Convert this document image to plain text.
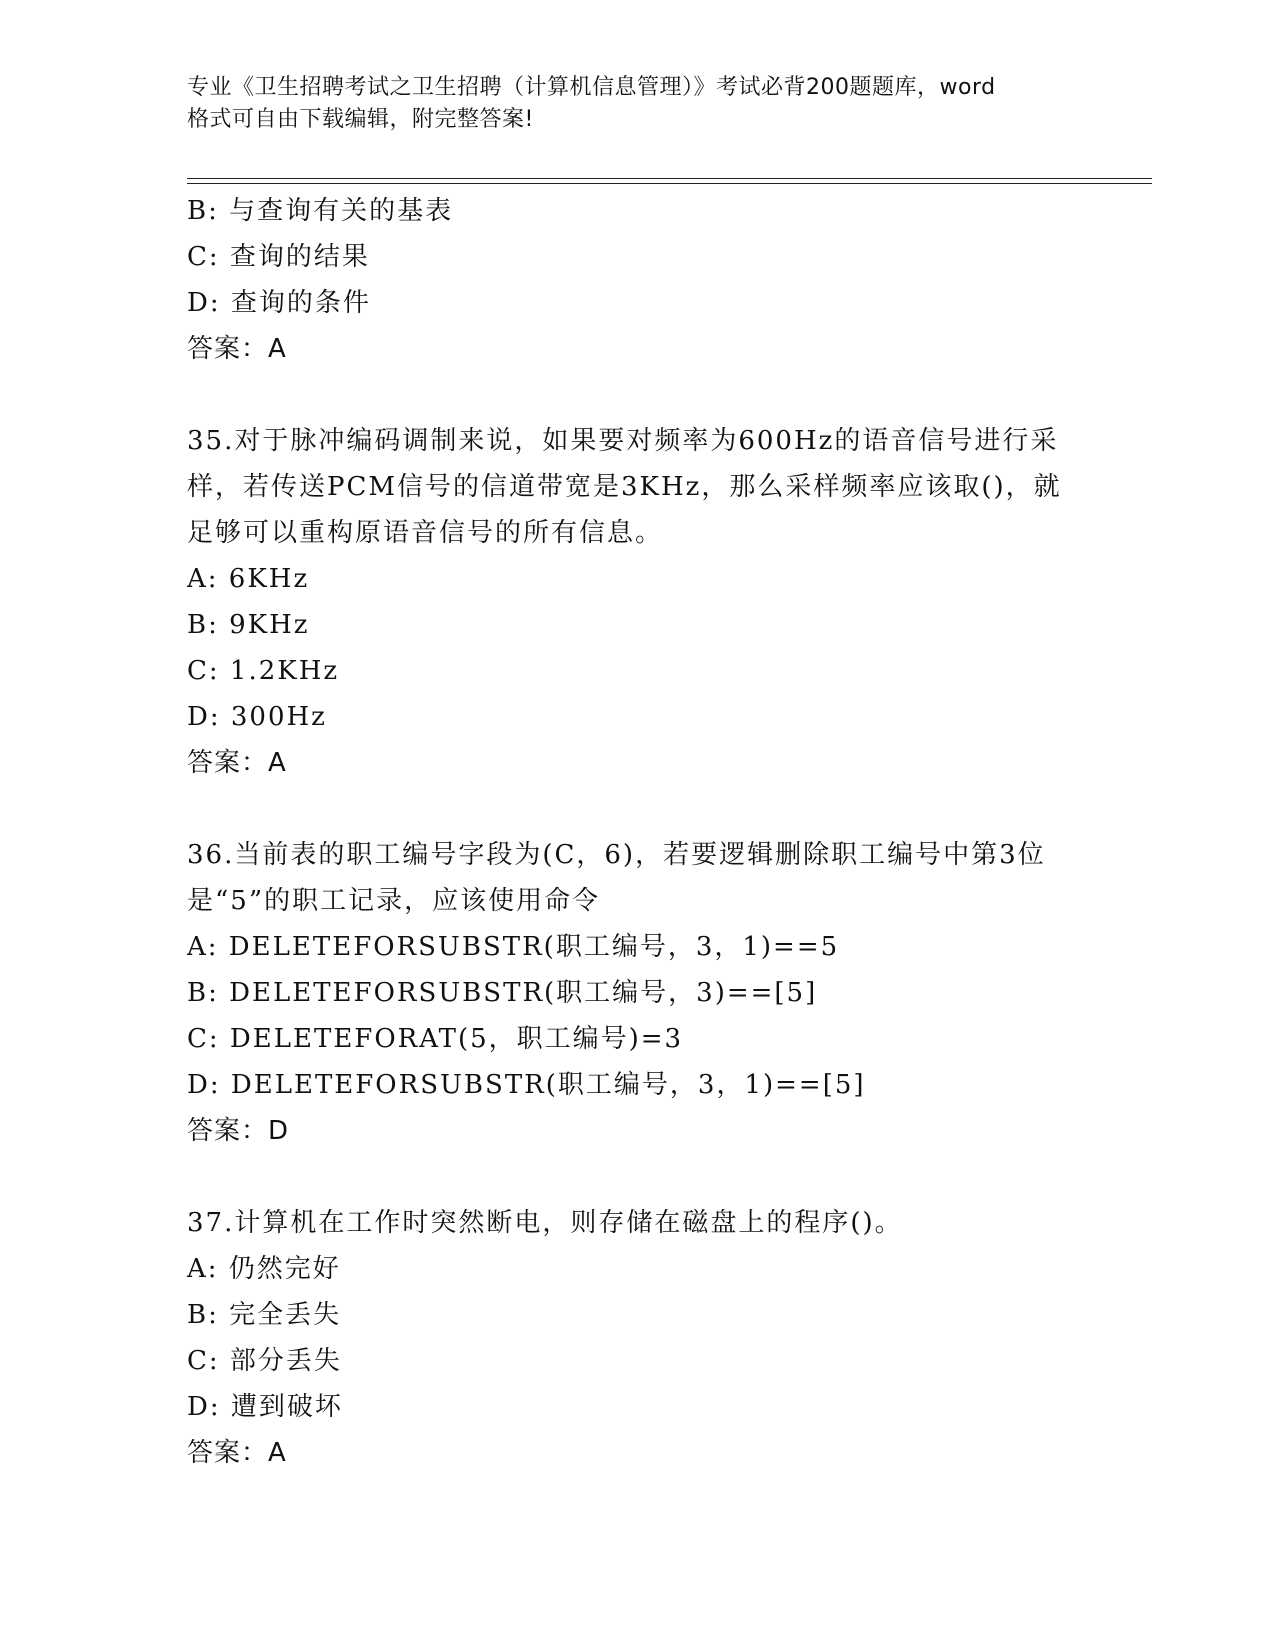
专业《卫生招聘考试之卫生招聘（计算机信息管理）》考试必背200题题库，word
格式可自由下载编辑，附完整答案!
B: 与查询有关的基表
C: 查询的结果
D: 查询的条件
答案：A
35.对于脉冲编码调制来说，如果要对频率为600Hz的语音信号进行采
样，若传送PCM信号的信道带宽是3KHz，那么采样频率应该取()，就
足够可以重构原语音信号的所有信息。
A: 6KHz
B: 9KHz
C: 1.2KHz
D: 300Hz
答案：A
36.当前表的职工编号字段为(C，6)，若要逻辑删除职工编号中第3位
是“5”的职工记录，应该使用命令
A: DELETEFORSUBSTR(职工编号，3，1)==5
B: DELETEFORSUBSTR(职工编号，3)==[5]
C: DELETEFORAT(5，职工编号)=3
D: DELETEFORSUBSTR(职工编号，3，1)==[5]
答案：D
37.计算机在工作时突然断电，则存储在磁盘上的程序()。
A: 仍然完好
B: 完全丢失
C: 部分丢失
D: 遭到破坏
答案：A
